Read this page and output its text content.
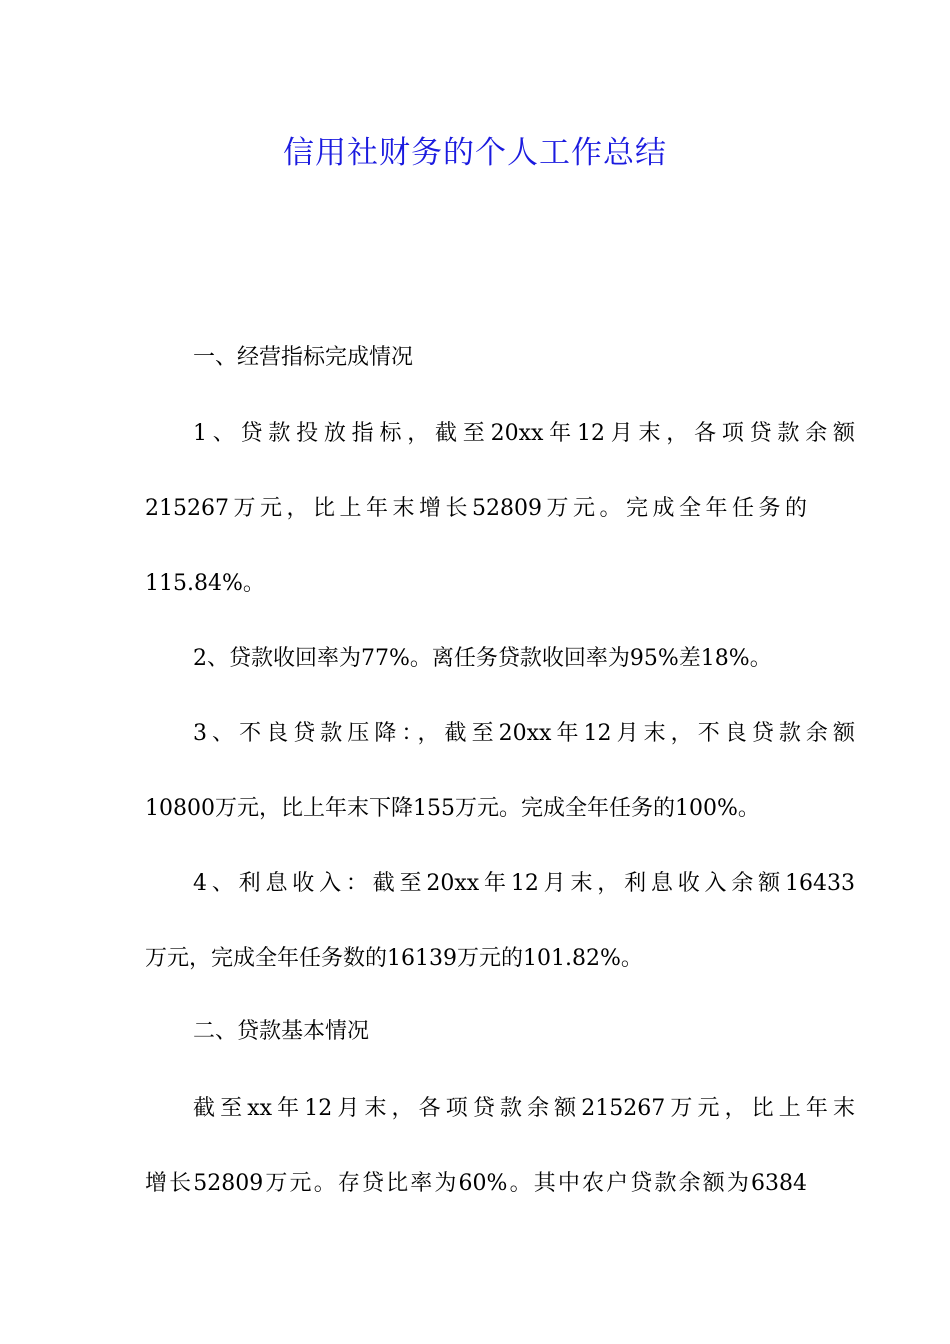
信用社财务的个人工作总结
一、经营指标完成情况
1、贷款投放指标，截至20xx年12月末，各项贷款余额
215267万元，比上年末增长52809万元。完成全年任务的
115.84%。
2、贷款收回率为77%。离任务贷款收回率为95%差18%。
3、不良贷款压降：，截至20xx年12月末，不良贷款余额
10800万元，比上年末下降155万元。完成全年任务的100%。
4、利息收入：截至20xx年12月末，利息收入余额16433
万元，完成全年任务数的16139万元的101.82%。
二、贷款基本情况
截至xx年12月末，各项贷款余额215267万元，比上年末
增长52809万元。存贷比率为60%。其中农户贷款余额为6384
